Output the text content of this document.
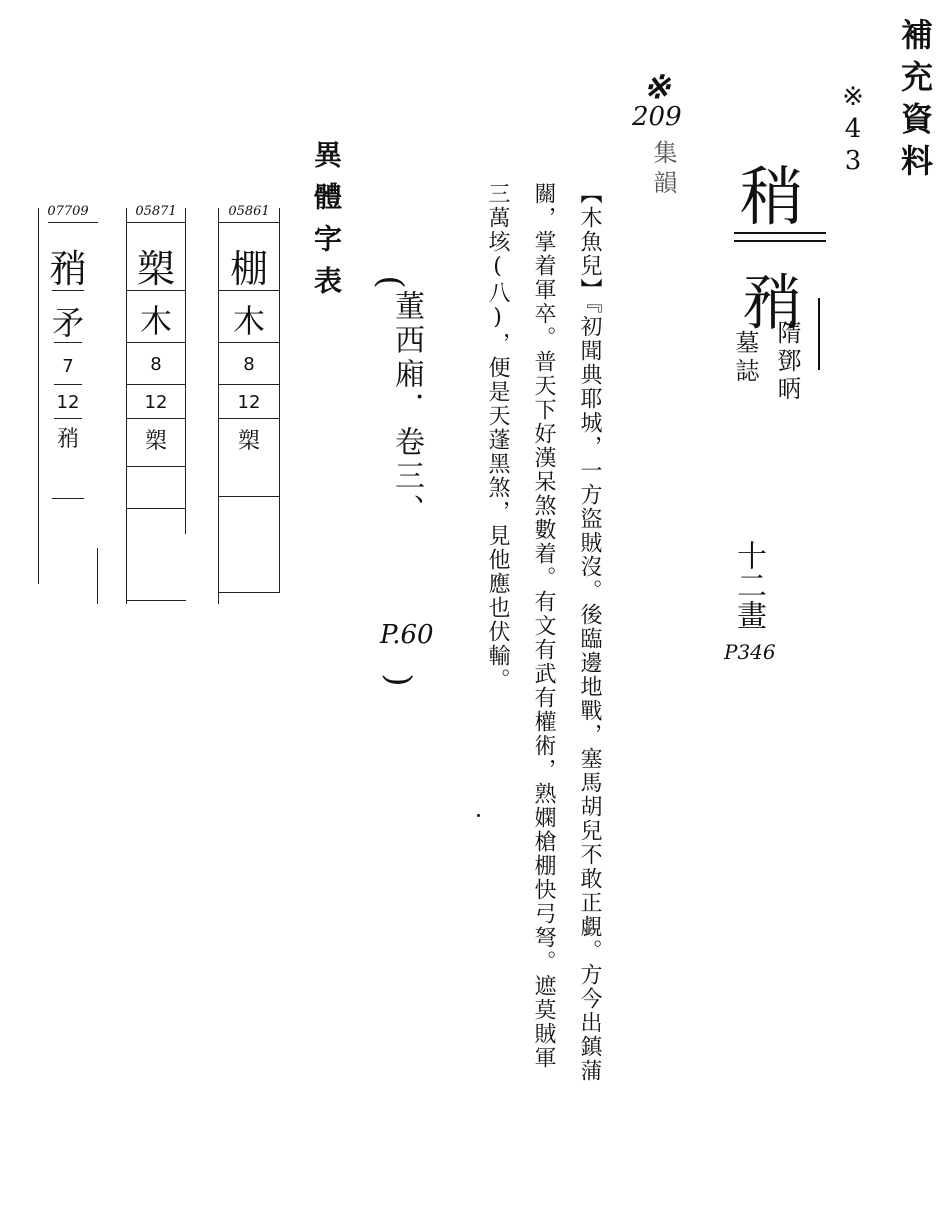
補充資料
※43
※
209
集韻 稍
矟
隋鄧昞
墓誌
十二畫
P346
【木魚兒】『初聞典耶城，一方盜賊沒。後臨邊地戰，塞馬胡兒不敢正覷。方今出鎮蒲
關，掌着軍卒。普天下好漢呆煞數着。有文有武有權術，熟嫻槍棚快弓弩。遮莫賊軍
三萬垓(八)，便是天蓬黑煞，見他應也伏輸。
(
董西廂．卷三、
P.60
)
異體字表
05861
棚
木
8
12
槊
05871
槊
木
8
12
槊
07709
矟
矛
7
12
矟
